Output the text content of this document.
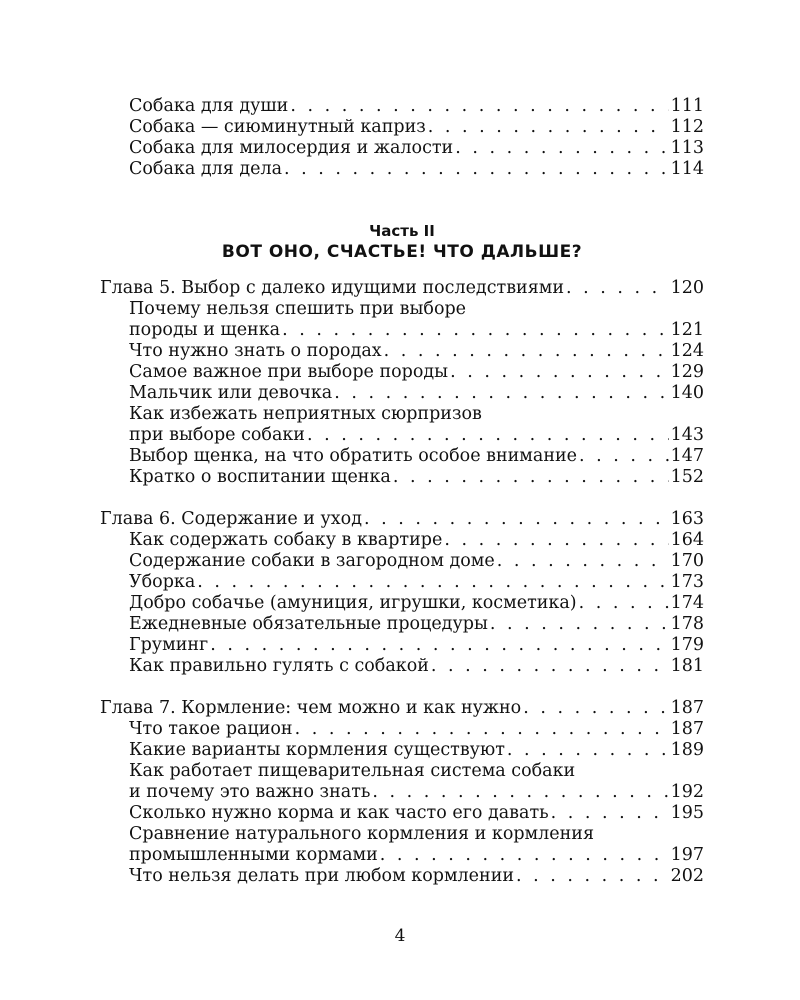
Собака для души . . .	111
Собака — сиюминутный каприз . . .	112
Собака для милосердия и жалости . . .	113
Собака для дела . . .	114
Часть II
ВОТ ОНО, СЧАСТЬЕ! ЧТО ДАЛЬШЕ?
Глава 5. Выбор с далеко идущими последствиями . . .	120
Почему нельзя спешить при выборе
породы и щенка . . .	121
Что нужно знать о породах . . .	124
Самое важное при выборе породы . . .	129
Мальчик или девочка . . .	140
Как избежать неприятных сюрпризов
при выборе собаки . . .	143
Выбор щенка, на что обратить особое внимание . . .	147
Кратко о воспитании щенка . . .	152
Глава 6. Содержание и уход . . .	163
Как содержать собаку в квартире . . .	164
Содержание собаки в загородном доме . . .	170
Уборка . . .	173
Добро собачье (амуниция, игрушки, косметика) . . .	174
Ежедневные обязательные процедуры . . .	178
Груминг . . .	179
Как правильно гулять с собакой . . .	181
Глава 7. Кормление: чем можно и как нужно . . .	187
Что такое рацион . . .	187
Какие варианты кормления существуют . . .	189
Как работает пищеварительная система собаки
и почему это важно знать . . .	192
Сколько нужно корма и как часто его давать . . .	195
Сравнение натурального кормления и кормления
промышленными кормами . . .	197
Что нельзя делать при любом кормлении . . .	202
4
